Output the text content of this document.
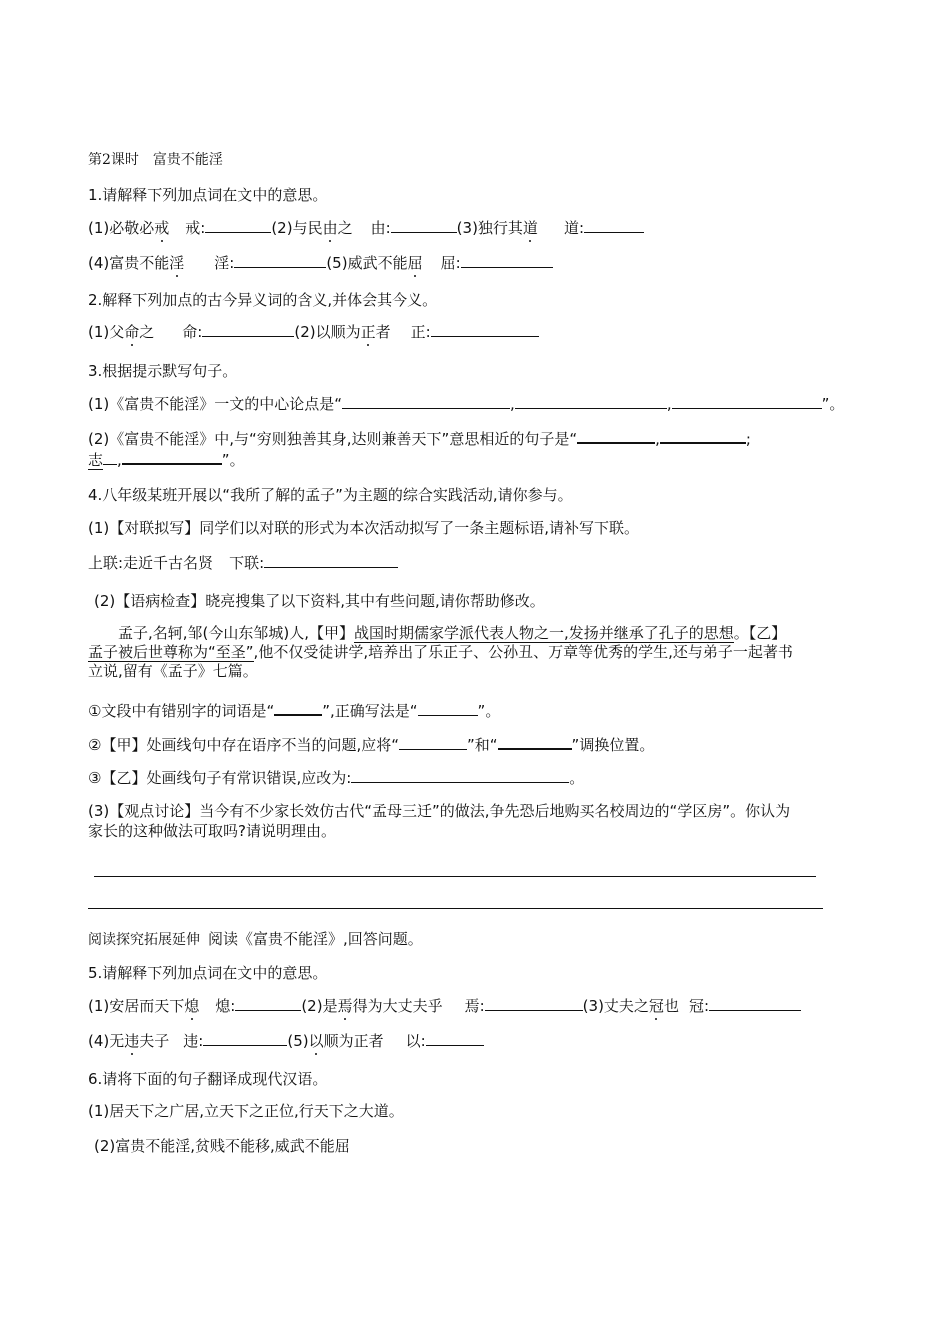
第2课时　富贵不能淫
1.请解释下列加点词在文中的意思。
(1)必敬必戒 戒:	(2)与民由之 由:	(3)独行其道 道:
(4)富贵不能淫 淫:	(5)威武不能屈 屈:
2.解释下列加点的古今异义词的含义,并体会其今义。
(1)父命之 命:	(2)以顺为正者 正:
3.根据提示默写句子。
(1)《富贵不能淫》一文的中心论点是“	,	,	”。
(2)《富贵不能淫》中,与“穷则独善其身,达则兼善天下”意思相近的句子是“	,	;
志 ,	”。
4.八年级某班开展以“我所了解的孟子”为主题的综合实践活动,请你参与。
(1)【对联拟写】同学们以对联的形式为本次活动拟写了一条主题标语,请补写下联。
上联:走近千古名贤 下联:
(2)【语病检查】晓亮搜集了以下资料,其中有些问题,请你帮助修改。
孟子,名轲,邹(今山东邹城)人,【甲】战国时期儒家学派代表人物之一,发扬并继承了孔子的思想。【乙】
孟子被后世尊称为“至圣”,他不仅受徒讲学,培养出了乐正子、公孙丑、万章等优秀的学生,还与弟子一起著书
立说,留有《孟子》七篇。
①文段中有错别字的词语是“	”,正确写法是“	”。
②【甲】处画线句中存在语序不当的问题,应将“	”和“	”调换位置。
③【乙】处画线句子有常识错误,应改为:	。
(3)【观点讨论】当今有不少家长效仿古代“孟母三迁”的做法,争先恐后地购买名校周边的“学区房”。你认为
家长的这种做法可取吗?请说明理由。
阅读探究拓展延伸 阅读《富贵不能淫》,回答问题。
5.请解释下列加点词在文中的意思。
(1)安居而天下熄 熄:	(2)是焉得为大丈夫乎 焉:	(3)丈夫之冠也 冠:
(4)无违夫子 违:	(5)以顺为正者 以:
6.请将下面的句子翻译成现代汉语。
(1)居天下之广居,立天下之正位,行天下之大道。
(2)富贵不能淫,贫贱不能移,威武不能屈
